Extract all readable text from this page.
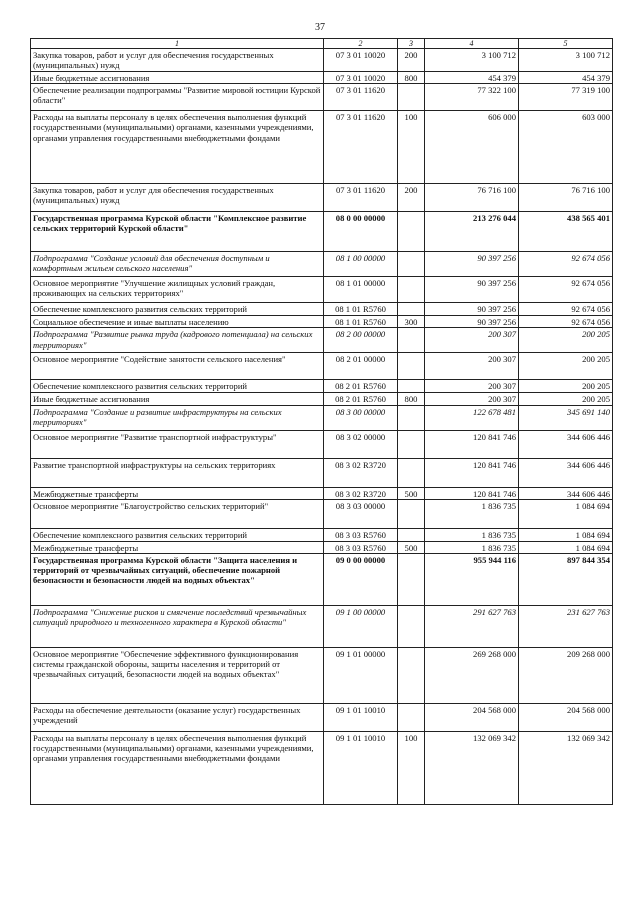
37
1	2	3	4	5
Закупка товаров, работ и услуг для обеспечения государственных (муниципальных) нужд	07 3 01 10020	200	3 100 712	3 100 712
Иные бюджетные ассигнования	07 3 01 10020	800	454 379	454 379
Обеспечение реализации подпрограммы "Развитие мировой юстиции Курской области"	07 3 01 11620		77 322 100	77 319 100
Расходы на выплаты персоналу в целях обеспечения выполнения функций государственными (муниципальными) органами, казенными учреждениями, органами управления государственными внебюджетными фондами	07 3 01 11620	100	606 000	603 000
Закупка товаров, работ и услуг для обеспечения государственных (муниципальных) нужд	07 3 01 11620	200	76 716 100	76 716 100
Государственная программа Курской области "Комплексное развитие сельских территорий Курской области"	08 0 00 00000		213 276 044	438 565 401
Подпрограмма "Создание условий для обеспечения доступным и комфортным жильем сельского населения"	08 1 00 00000		90 397 256	92 674 056
Основное мероприятие "Улучшение жилищных условий граждан, проживающих на сельских территориях"	08 1 01 00000		90 397 256	92 674 056
Обеспечение комплексного развития сельских территорий	08 1 01 R5760		90 397 256	92 674 056
Социальное обеспечение и иные выплаты населению	08 1 01 R5760	300	90 397 256	92 674 056
Подпрограмма "Развитие рынка труда (кадрового потенциала) на сельских территориях"	08 2 00 00000		200 307	200 205
Основное мероприятие "Содействие занятости сельского населения"	08 2 01 00000		200 307	200 205
Обеспечение комплексного развития сельских территорий	08 2 01 R5760		200 307	200 205
Иные бюджетные ассигнования	08 2 01 R5760	800	200 307	200 205
Подпрограмма "Создание и развитие инфраструктуры на сельских территориях"	08 3 00 00000		122 678 481	345 691 140
Основное мероприятие "Развитие транспортной инфраструктуры"	08 3 02 00000		120 841 746	344 606 446
Развитие транспортной инфраструктуры на сельских территориях	08 3 02 R3720		120 841 746	344 606 446
Межбюджетные трансферты	08 3 02 R3720	500	120 841 746	344 606 446
Основное мероприятие "Благоустройство сельских территорий"	08 3 03 00000		1 836 735	1 084 694
Обеспечение комплексного развития сельских территорий	08 3 03 R5760		1 836 735	1 084 694
Межбюджетные трансферты	08 3 03 R5760	500	1 836 735	1 084 694
Государственная программа Курской области "Защита населения и территорий от чрезвычайных ситуаций, обеспечение пожарной безопасности и безопасности людей на водных объектах"	09 0 00 00000		955 944 116	897 844 354
Подпрограмма "Снижение рисков и смягчение последствий чрезвычайных ситуаций природного и техногенного характера в Курской области"	09 1 00 00000		291 627 763	231 627 763
Основное мероприятие "Обеспечение эффективного функционирования системы гражданской обороны, защиты населения и территорий от чрезвычайных ситуаций, безопасности людей на водных объектах"	09 1 01 00000		269 268 000	209 268 000
Расходы на обеспечение деятельности (оказание услуг) государственных учреждений	09 1 01 10010		204 568 000	204 568 000
Расходы на выплаты персоналу в целях обеспечения выполнения функций государственными (муниципальными) органами, казенными учреждениями, органами управления государственными внебюджетными фондами	09 1 01 10010	100	132 069 342	132 069 342
